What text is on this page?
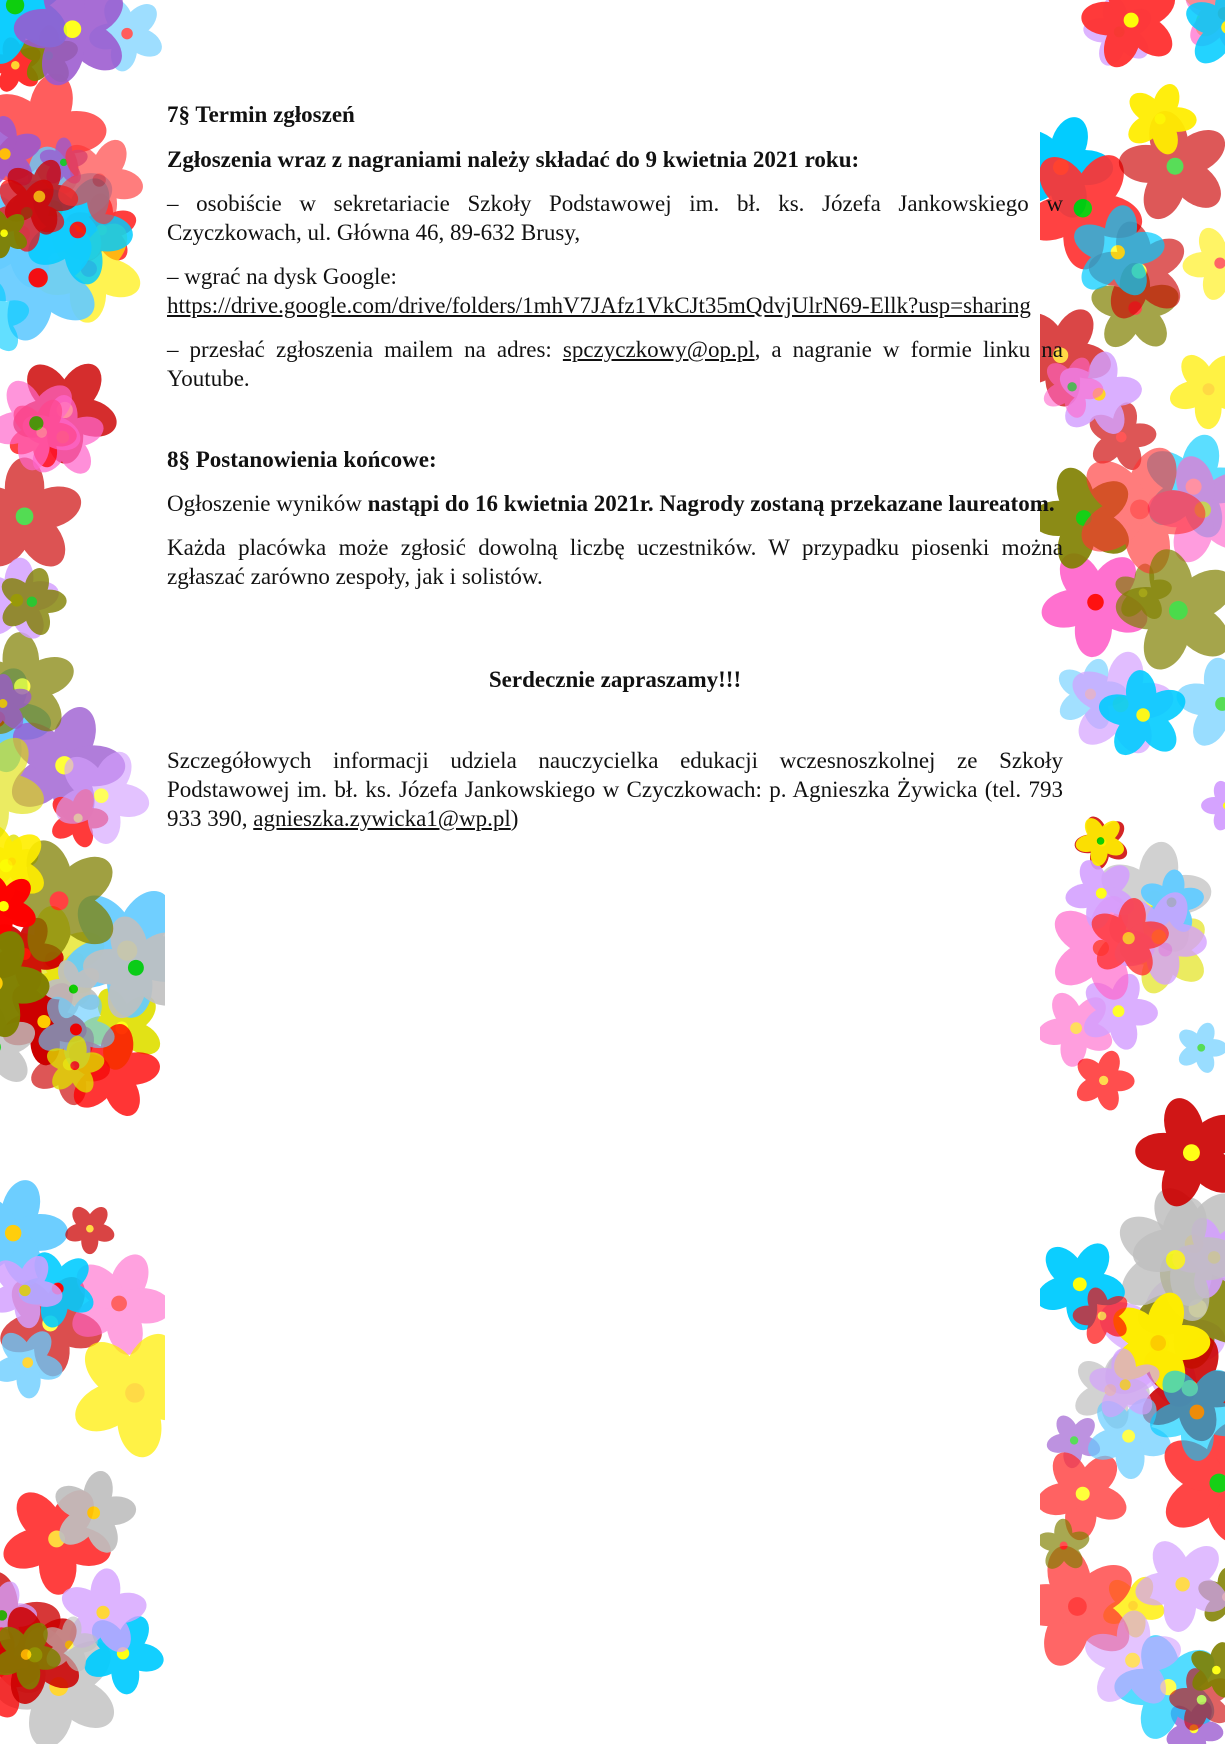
7§ Termin zgłoszeń

Zgłoszenia wraz z nagraniami należy składać do 9 kwietnia 2021 roku:

– osobiście w sekretariacie Szkoły Podstawowej im. bł. ks. Józefa Jankowskiego w Czyczkowach, ul. Główna 46, 89-632 Brusy,

– wgrać na dysk Google:

https://drive.google.com/drive/folders/1mhV7JAfz1VkCJt35mQdvjUlrN69-Ellk?usp=sharing

– przesłać zgłoszenia mailem na adres: spczyczkowy@op.pl, a nagranie w formie linku na Youtube.

8§ Postanowienia końcowe:

Ogłoszenie wyników nastąpi do 16 kwietnia 2021r. Nagrody zostaną przekazane laureatom.

Każda placówka może zgłosić dowolną liczbę uczestników. W przypadku piosenki można zgłaszać zarówno zespoły, jak i solistów.

Serdecznie zapraszamy!!!

Szczegółowych informacji udziela nauczycielka edukacji wczesnoszkolnej ze Szkoły Podstawowej im. bł. ks. Józefa Jankowskiego w Czyczkowach: p. Agnieszka Żywicka (tel. 793 933 390, agnieszka.zywicka1@wp.pl)
